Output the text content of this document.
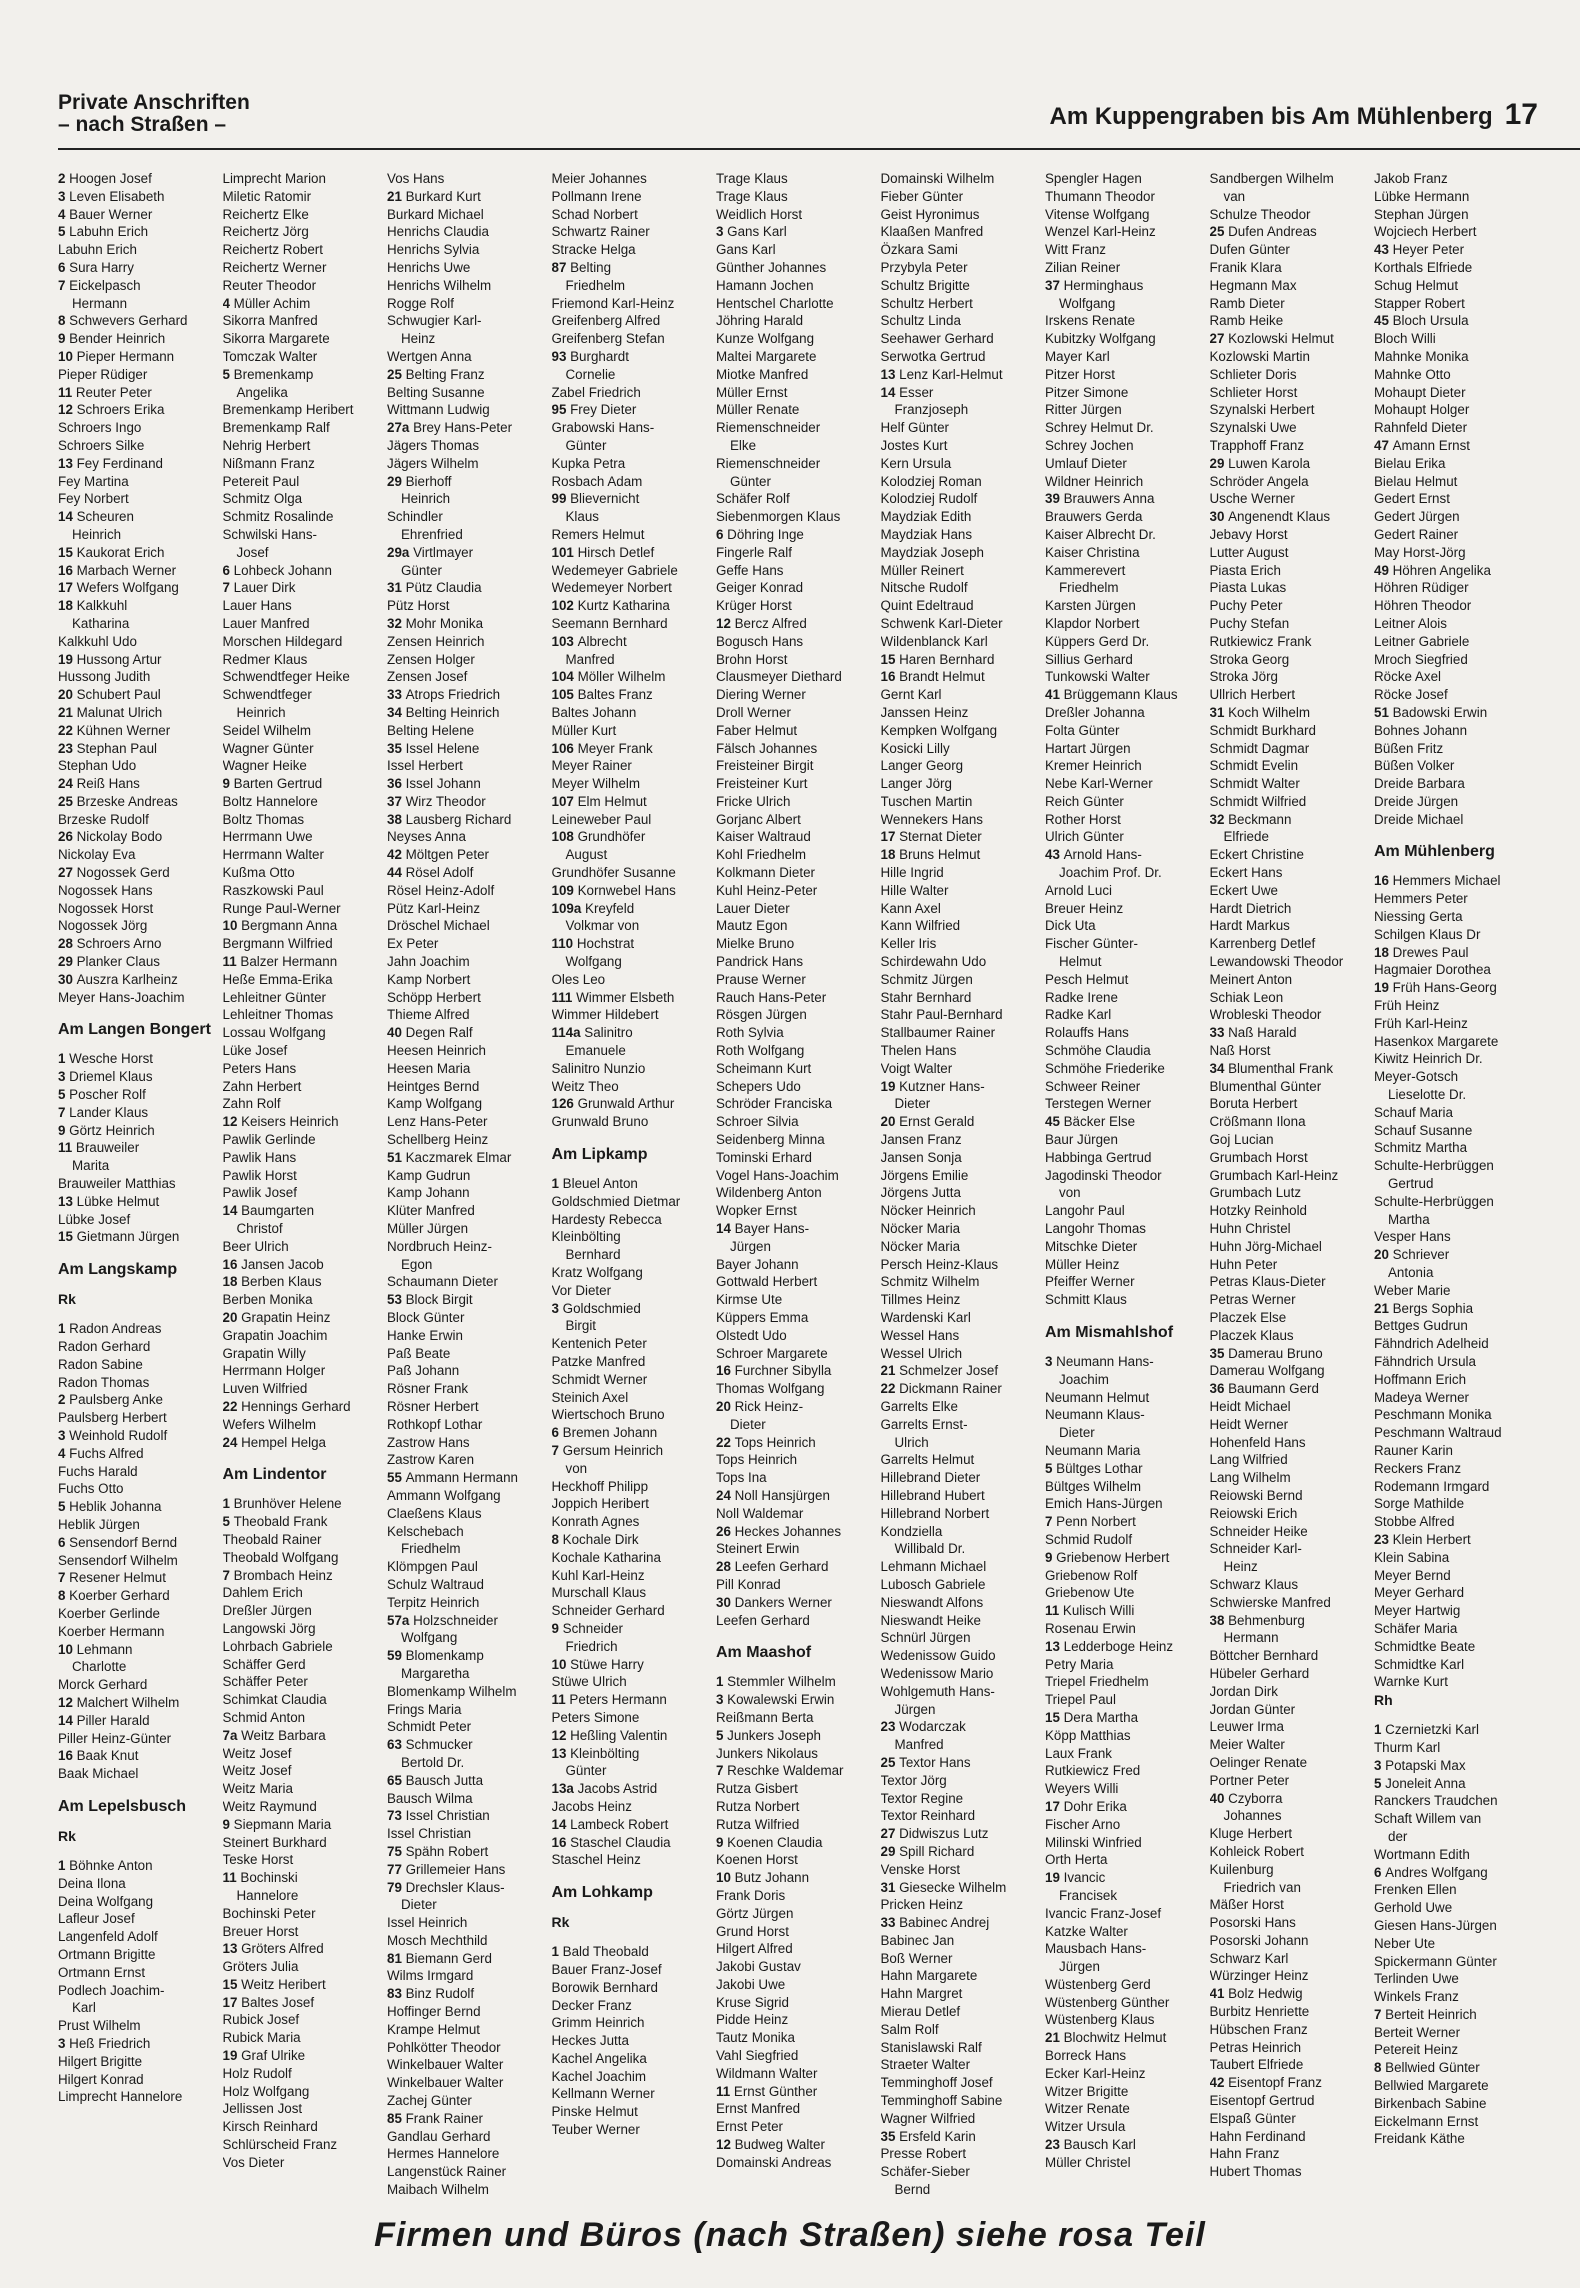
Private Anschriften
– nach Straßen –	Am Kuppengraben bis Am Mühlenberg 17
2 Hoogen Josef
3 Leven Elisabeth
4 Bauer Werner
5 Labuhn Erich
Labuhn Erich
6 Sura Harry
7 Eickelpasch
Hermann
8 Schwevers Gerhard
9 Bender Heinrich
10 Pieper Hermann
Pieper Rüdiger
11 Reuter Peter
12 Schroers Erika
Schroers Ingo
Schroers Silke
13 Fey Ferdinand
Fey Martina
Fey Norbert
14 Scheuren
Heinrich
15 Kaukorat Erich
16 Marbach Werner
17 Wefers Wolfgang
18 Kalkkuhl
Katharina
Kalkkuhl Udo
19 Hussong Artur
Hussong Judith
20 Schubert Paul
21 Malunat Ulrich
22 Kühnen Werner
23 Stephan Paul
Stephan Udo
24 Reiß Hans
25 Brzeske Andreas
Brzeske Rudolf
26 Nickolay Bodo
Nickolay Eva
27 Nogossek Gerd
Nogossek Hans
Nogossek Horst
Nogossek Jörg
28 Schroers Arno
29 Planker Claus
30 Auszra Karlheinz
Meyer Hans-Joachim
Am Langen Bongert
1 Wesche Horst
3 Driemel Klaus
5 Poscher Rolf
7 Lander Klaus
9 Görtz Heinrich
11 Brauweiler
Marita
Brauweiler Matthias
13 Lübke Helmut
Lübke Josef
15 Gietmann Jürgen
Am Langskamp
Rk
1 Radon Andreas
Radon Gerhard
Radon Sabine
Radon Thomas
2 Paulsberg Anke
Paulsberg Herbert
3 Weinhold Rudolf
4 Fuchs Alfred
Fuchs Harald
Fuchs Otto
5 Heblik Johanna
Heblik Jürgen
6 Sensendorf Bernd
Sensendorf Wilhelm
7 Resener Helmut
8 Koerber Gerhard
Koerber Gerlinde
Koerber Hermann
10 Lehmann
Charlotte
Morck Gerhard
12 Malchert Wilhelm
14 Piller Harald
Piller Heinz-Günter
16 Baak Knut
Baak Michael
Am Lepelsbusch
Rk
1 Böhnke Anton
Deina Ilona
Deina Wolfgang
Lafleur Josef
Langenfeld Adolf
Ortmann Brigitte
Ortmann Ernst
Podlech Joachim-
Karl
Prust Wilhelm
3 Heß Friedrich
Hilgert Brigitte
Hilgert Konrad
Limprecht Hannelore
Limprecht Marion
Miletic Ratomir
Reichertz Elke
Reichertz Jörg
Reichertz Robert
Reichertz Werner
Reuter Theodor
4 Müller Achim
Sikorra Manfred
Sikorra Margarete
Tomczak Walter
5 Bremenkamp
Angelika
Bremenkamp Heribert
Bremenkamp Ralf
Nehrig Herbert
Nißmann Franz
Petereit Paul
Schmitz Olga
Schmitz Rosalinde
Schwilski Hans-
Josef
6 Lohbeck Johann
7 Lauer Dirk
Lauer Hans
Lauer Manfred
Morschen Hildegard
Redmer Klaus
Schwendtfeger Heike
Schwendtfeger
Heinrich
Seidel Wilhelm
Wagner Günter
Wagner Heike
9 Barten Gertrud
Boltz Hannelore
Boltz Thomas
Herrmann Uwe
Herrmann Walter
Kußma Otto
Raszkowski Paul
Runge Paul-Werner
10 Bergmann Anna
Bergmann Wilfried
11 Balzer Hermann
Heße Emma-Erika
Lehleitner Günter
Lehleitner Thomas
Lossau Wolfgang
Lüke Josef
Peters Hans
Zahn Herbert
Zahn Rolf
12 Keisers Heinrich
Pawlik Gerlinde
Pawlik Hans
Pawlik Horst
Pawlik Josef
14 Baumgarten
Christof
Beer Ulrich
16 Jansen Jacob
18 Berben Klaus
Berben Monika
20 Grapatin Heinz
Grapatin Joachim
Grapatin Willy
Herrmann Holger
Luven Wilfried
22 Hennings Gerhard
Wefers Wilhelm
24 Hempel Helga
Am Lindentor
1 Brunhöver Helene
5 Theobald Frank
Theobald Rainer
Theobald Wolfgang
7 Brombach Heinz
Dahlem Erich
Dreßler Jürgen
Langowski Jörg
Lohrbach Gabriele
Schäffer Gerd
Schäffer Peter
Schimkat Claudia
Schmid Anton
7a Weitz Barbara
Weitz Josef
Weitz Josef
Weitz Maria
Weitz Raymund
9 Siepmann Maria
Steinert Burkhard
Teske Horst
11 Bochinski
Hannelore
Bochinski Peter
Breuer Horst
13 Gröters Alfred
Gröters Julia
15 Weitz Heribert
17 Baltes Josef
Rubick Josef
Rubick Maria
19 Graf Ulrike
Holz Rudolf
Holz Wolfgang
Jellissen Jost
Kirsch Reinhard
Schlürscheid Franz
Vos Dieter
Vos Hans
21 Burkard Kurt
Burkard Michael
Henrichs Claudia
Henrichs Sylvia
Henrichs Uwe
Henrichs Wilhelm
Rogge Rolf
Schwugier Karl-
Heinz
Wertgen Anna
25 Belting Franz
Belting Susanne
Wittmann Ludwig
27a Brey Hans-Peter
Jägers Thomas
Jägers Wilhelm
29 Bierhoff
Heinrich
Schindler
Ehrenfried
29a Virtlmayer
Günter
31 Pütz Claudia
Pütz Horst
32 Mohr Monika
Zensen Heinrich
Zensen Holger
Zensen Josef
33 Atrops Friedrich
34 Belting Heinrich
Belting Helene
35 Issel Helene
Issel Herbert
36 Issel Johann
37 Wirz Theodor
38 Lausberg Richard
Neyses Anna
42 Möltgen Peter
44 Rösel Adolf
Rösel Heinz-Adolf
Pütz Karl-Heinz
Dröschel Michael
Ex Peter
Jahn Joachim
Kamp Norbert
Schöpp Herbert
Thieme Alfred
40 Degen Ralf
Heesen Heinrich
Heesen Maria
Heintges Bernd
Kamp Wolfgang
Lenz Hans-Peter
Schellberg Heinz
51 Kaczmarek Elmar
Kamp Gudrun
Kamp Johann
Klüter Manfred
Müller Jürgen
Nordbruch Heinz-
Egon
Schaumann Dieter
53 Block Birgit
Block Günter
Hanke Erwin
Paß Beate
Paß Johann
Rösner Frank
Rösner Herbert
Rothkopf Lothar
Zastrow Hans
Zastrow Karen
55 Ammann Hermann
Ammann Wolfgang
Claeßens Klaus
Kelschebach
Friedhelm
Klömpgen Paul
Schulz Waltraud
Terpitz Heinrich
57a Holzschneider
Wolfgang
59 Blomenkamp
Margaretha
Blomenkamp Wilhelm
Frings Maria
Schmidt Peter
63 Schmucker
Bertold Dr.
65 Bausch Jutta
Bausch Wilma
73 Issel Christian
Issel Christian
75 Spähn Robert
77 Grillemeier Hans
79 Drechsler Klaus-
Dieter
Issel Heinrich
Mosch Mechthild
81 Biemann Gerd
Wilms Irmgard
83 Binz Rudolf
Hoffinger Bernd
Krampe Helmut
Pohlkötter Theodor
Winkelbauer Walter
Winkelbauer Walter
Zachej Günter
85 Frank Rainer
Gandlau Gerhard
Hermes Hannelore
Langenstück Rainer
Maibach Wilhelm
Meier Johannes
Pollmann Irene
Schad Norbert
Schwartz Rainer
Stracke Helga
87 Belting
Friedhelm
Friemond Karl-Heinz
Greifenberg Alfred
Greifenberg Stefan
93 Burghardt
Cornelie
Zabel Friedrich
95 Frey Dieter
Grabowski Hans-
Günter
Kupka Petra
Rosbach Adam
99 Blievernicht
Klaus
Remers Helmut
101 Hirsch Detlef
Wedemeyer Gabriele
Wedemeyer Norbert
102 Kurtz Katharina
Seemann Bernhard
103 Albrecht
Manfred
104 Möller Wilhelm
105 Baltes Franz
Baltes Johann
Müller Kurt
106 Meyer Frank
Meyer Rainer
Meyer Wilhelm
107 Elm Helmut
Leineweber Paul
108 Grundhöfer
August
Grundhöfer Susanne
109 Kornwebel Hans
109a Kreyfeld
Volkmar von
110 Hochstrat
Wolfgang
Oles Leo
111 Wimmer Elsbeth
Wimmer Hildebert
114a Salinitro
Emanuele
Salinitro Nunzio
Weitz Theo
126 Grunwald Arthur
Grunwald Bruno
Am Lipkamp
1 Bleuel Anton
Goldschmied Dietmar
Hardesty Rebecca
Kleinbölting
Bernhard
Kratz Wolfgang
Vor Dieter
3 Goldschmied
Birgit
Kentenich Peter
Patzke Manfred
Schmidt Werner
Steinich Axel
Wiertschoch Bruno
6 Bremen Johann
7 Gersum Heinrich
von
Heckhoff Philipp
Joppich Heribert
Konrath Agnes
8 Kochale Dirk
Kochale Katharina
Kuhl Karl-Heinz
Murschall Klaus
Schneider Gerhard
9 Schneider
Friedrich
10 Stüwe Harry
Stüwe Ulrich
11 Peters Hermann
Peters Simone
12 Heßling Valentin
13 Kleinbölting
Günter
13a Jacobs Astrid
Jacobs Heinz
14 Lambeck Robert
16 Staschel Claudia
Staschel Heinz
Am Lohkamp
Rk
1 Bald Theobald
Bauer Franz-Josef
Borowik Bernhard
Decker Franz
Grimm Heinrich
Heckes Jutta
Kachel Angelika
Kachel Joachim
Kellmann Werner
Pinske Helmut
Teuber Werner
Trage Klaus
Trage Klaus
Weidlich Horst
3 Gans Karl
Gans Karl
Günther Johannes
Hamann Jochen
Hentschel Charlotte
Jöhring Harald
Kunze Wolfgang
Maltei Margarete
Miotke Manfred
Müller Ernst
Müller Renate
Riemenschneider
Elke
Riemenschneider
Günter
Schäfer Rolf
Siebenmorgen Klaus
6 Döhring Inge
Fingerle Ralf
Geffe Hans
Geiger Konrad
Krüger Horst
12 Bercz Alfred
Bogusch Hans
Brohn Horst
Clausmeyer Diethard
Diering Werner
Droll Werner
Faber Helmut
Fälsch Johannes
Freisteiner Birgit
Freisteiner Kurt
Fricke Ulrich
Gorjanc Albert
Kaiser Waltraud
Kohl Friedhelm
Kolkmann Dieter
Kuhl Heinz-Peter
Lauer Dieter
Mautz Egon
Mielke Bruno
Pandrick Hans
Prause Werner
Rauch Hans-Peter
Rösgen Jürgen
Roth Sylvia
Roth Wolfgang
Scheimann Kurt
Schepers Udo
Schröder Franciska
Schroer Silvia
Seidenberg Minna
Tominski Erhard
Vogel Hans-Joachim
Wildenberg Anton
Wopker Ernst
14 Bayer Hans-
Jürgen
Bayer Johann
Gottwald Herbert
Kirmse Ute
Küppers Emma
Olstedt Udo
Schroer Margarete
16 Furchner Sibylla
Thomas Wolfgang
20 Rick Heinz-
Dieter
22 Tops Heinrich
Tops Heinrich
Tops Ina
24 Noll Hansjürgen
Noll Waldemar
26 Heckes Johannes
Steinert Erwin
28 Leefen Gerhard
Pill Konrad
30 Dankers Werner
Leefen Gerhard
Am Maashof
1 Stemmler Wilhelm
3 Kowalewski Erwin
Reißmann Berta
5 Junkers Joseph
Junkers Nikolaus
7 Reschke Waldemar
Rutza Gisbert
Rutza Norbert
Rutza Wilfried
9 Koenen Claudia
Koenen Horst
10 Butz Johann
Frank Doris
Görtz Jürgen
Grund Horst
Hilgert Alfred
Jakobi Gustav
Jakobi Uwe
Kruse Sigrid
Pidde Heinz
Tautz Monika
Vahl Siegfried
Wildmann Walter
11 Ernst Günther
Ernst Manfred
Ernst Peter
12 Budweg Walter
Domainski Andreas
Domainski Wilhelm
Fieber Günter
Geist Hyronimus
Klaaßen Manfred
Özkara Sami
Przybyla Peter
Schultz Brigitte
Schultz Herbert
Schultz Linda
Seehawer Gerhard
Serwotka Gertrud
13 Lenz Karl-Helmut
14 Esser
Franzjoseph
Helf Günter
Jostes Kurt
Kern Ursula
Kolodziej Roman
Kolodziej Rudolf
Maydziak Edith
Maydziak Hans
Maydziak Joseph
Müller Reinert
Nitsche Rudolf
Quint Edeltraud
Schwenk Karl-Dieter
Wildenblanck Karl
15 Haren Bernhard
16 Brandt Helmut
Gernt Karl
Janssen Heinz
Kempken Wolfgang
Kosicki Lilly
Langer Georg
Langer Jörg
Tuschen Martin
Wennekers Hans
17 Sternat Dieter
18 Bruns Helmut
Hille Ingrid
Hille Walter
Kann Axel
Kann Wilfried
Keller Iris
Schirdewahn Udo
Schmitz Jürgen
Stahr Bernhard
Stahr Paul-Bernhard
Stallbaumer Rainer
Thelen Hans
Voigt Walter
19 Kutzner Hans-
Dieter
20 Ernst Gerald
Jansen Franz
Jansen Sonja
Jörgens Emilie
Jörgens Jutta
Nöcker Heinrich
Nöcker Maria
Nöcker Maria
Persch Heinz-Klaus
Schmitz Wilhelm
Tillmes Heinz
Wardenski Karl
Wessel Hans
Wessel Ulrich
21 Schmelzer Josef
22 Dickmann Rainer
Garrelts Elke
Garrelts Ernst-
Ulrich
Garrelts Helmut
Hillebrand Dieter
Hillebrand Hubert
Hillebrand Norbert
Kondziella
Willibald Dr.
Lehmann Michael
Lubosch Gabriele
Nieswandt Alfons
Nieswandt Heike
Schnürl Jürgen
Wedenissow Guido
Wedenissow Mario
Wohlgemuth Hans-
Jürgen
23 Wodarczak
Manfred
25 Textor Hans
Textor Jörg
Textor Regine
Textor Reinhard
27 Didwiszus Lutz
29 Spill Richard
Venske Horst
31 Giesecke Wilhelm
Pricken Heinz
33 Babinec Andrej
Babinec Jan
Boß Werner
Hahn Margarete
Hahn Margret
Mierau Detlef
Salm Rolf
Stanislawski Ralf
Straeter Walter
Temminghoff Josef
Temminghoff Sabine
Wagner Wilfried
35 Ersfeld Karin
Presse Robert
Schäfer-Sieber
Bernd
Spengler Hagen
Thumann Theodor
Vitense Wolfgang
Wenzel Karl-Heinz
Witt Franz
Zilian Reiner
37 Herminghaus
Wolfgang
Irskens Renate
Kubitzky Wolfgang
Mayer Karl
Pitzer Horst
Pitzer Simone
Ritter Jürgen
Schrey Helmut Dr.
Schrey Jochen
Umlauf Dieter
Wildner Heinrich
39 Brauwers Anna
Brauwers Gerda
Kaiser Albrecht Dr.
Kaiser Christina
Kammerevert
Friedhelm
Karsten Jürgen
Klapdor Norbert
Küppers Gerd Dr.
Sillius Gerhard
Tunkowski Walter
41 Brüggemann Klaus
Dreßler Johanna
Folta Günter
Hartart Jürgen
Kremer Heinrich
Nebe Karl-Werner
Reich Günter
Rother Horst
Ulrich Günter
43 Arnold Hans-
Joachim Prof. Dr.
Arnold Luci
Breuer Heinz
Dick Uta
Fischer Günter-
Helmut
Pesch Helmut
Radke Irene
Radke Karl
Rolauffs Hans
Schmöhe Claudia
Schmöhe Friederike
Schweer Reiner
Terstegen Werner
45 Bäcker Else
Baur Jürgen
Habbinga Gertrud
Jagodinski Theodor
von
Langohr Paul
Langohr Thomas
Mitschke Dieter
Müller Heinz
Pfeiffer Werner
Schmitt Klaus
Am Mismahlshof
3 Neumann Hans-
Joachim
Neumann Helmut
Neumann Klaus-
Dieter
Neumann Maria
5 Bültges Lothar
Bültges Wilhelm
Emich Hans-Jürgen
7 Penn Norbert
Schmid Rudolf
9 Griebenow Herbert
Griebenow Rolf
Griebenow Ute
11 Kulisch Willi
Rosenau Erwin
13 Ledderboge Heinz
Petry Maria
Triepel Friedhelm
Triepel Paul
15 Dera Martha
Köpp Matthias
Laux Frank
Rutkiewicz Fred
Weyers Willi
17 Dohr Erika
Fischer Arno
Milinski Winfried
Orth Herta
19 Ivancic
Francisek
Ivancic Franz-Josef
Katzke Walter
Mausbach Hans-
Jürgen
Wüstenberg Gerd
Wüstenberg Günther
Wüstenberg Klaus
21 Blochwitz Helmut
Borreck Hans
Ecker Karl-Heinz
Witzer Brigitte
Witzer Renate
Witzer Ursula
23 Bausch Karl
Müller Christel
Sandbergen Wilhelm
van
Schulze Theodor
25 Dufen Andreas
Dufen Günter
Franik Klara
Hegmann Max
Ramb Dieter
Ramb Heike
27 Kozlowski Helmut
Kozlowski Martin
Schlieter Doris
Schlieter Horst
Szynalski Herbert
Szynalski Uwe
Trapphoff Franz
29 Luwen Karola
Schröder Angela
Usche Werner
30 Angenendt Klaus
Jebavy Horst
Lutter August
Piasta Erich
Piasta Lukas
Puchy Peter
Puchy Stefan
Rutkiewicz Frank
Stroka Georg
Stroka Jörg
Ullrich Herbert
31 Koch Wilhelm
Schmidt Burkhard
Schmidt Dagmar
Schmidt Evelin
Schmidt Walter
Schmidt Wilfried
32 Beckmann
Elfriede
Eckert Christine
Eckert Hans
Eckert Uwe
Hardt Dietrich
Hardt Markus
Karrenberg Detlef
Lewandowski Theodor
Meinert Anton
Schiak Leon
Wrobleski Theodor
33 Naß Harald
Naß Horst
34 Blumenthal Frank
Blumenthal Günter
Boruta Herbert
Crößmann Ilona
Goj Lucian
Grumbach Horst
Grumbach Karl-Heinz
Grumbach Lutz
Hotzky Reinhold
Huhn Christel
Huhn Jörg-Michael
Huhn Peter
Petras Klaus-Dieter
Petras Werner
Placzek Else
Placzek Klaus
35 Damerau Bruno
Damerau Wolfgang
36 Baumann Gerd
Heidt Michael
Heidt Werner
Hohenfeld Hans
Lang Wilfried
Lang Wilhelm
Reiowski Bernd
Reiowski Erich
Schneider Heike
Schneider Karl-
Heinz
Schwarz Klaus
Schwierske Manfred
38 Behmenburg
Hermann
Böttcher Bernhard
Hübeler Gerhard
Jordan Dirk
Jordan Günter
Leuwer Irma
Meier Walter
Oelinger Renate
Portner Peter
40 Czyborra
Johannes
Kluge Herbert
Kohleick Robert
Kuilenburg
Friedrich van
Mäßer Horst
Posorski Hans
Posorski Johann
Schwarz Karl
Würzinger Heinz
41 Bolz Hedwig
Burbitz Henriette
Hübschen Franz
Petras Heinrich
Taubert Elfriede
42 Eisentopf Franz
Eisentopf Gertrud
Elspaß Günter
Hahn Ferdinand
Hahn Franz
Hubert Thomas
Jakob Franz
Lübke Hermann
Stephan Jürgen
Wojciech Herbert
43 Heyer Peter
Korthals Elfriede
Schug Helmut
Stapper Robert
45 Bloch Ursula
Bloch Willi
Mahnke Monika
Mahnke Otto
Mohaupt Dieter
Mohaupt Holger
Rahnfeld Dieter
47 Amann Ernst
Bielau Erika
Bielau Helmut
Gedert Ernst
Gedert Jürgen
Gedert Rainer
May Horst-Jörg
49 Höhren Angelika
Höhren Rüdiger
Höhren Theodor
Leitner Alois
Leitner Gabriele
Mroch Siegfried
Röcke Axel
Röcke Josef
51 Badowski Erwin
Bohnes Johann
Büßen Fritz
Büßen Volker
Dreide Barbara
Dreide Jürgen
Dreide Michael
Am Mühlenberg
16 Hemmers Michael
Hemmers Peter
Niessing Gerta
Schilgen Klaus Dr
18 Drewes Paul
Hagmaier Dorothea
19 Früh Hans-Georg
Früh Heinz
Früh Karl-Heinz
Hasenkox Margarete
Kiwitz Heinrich Dr.
Meyer-Gotsch
Lieselotte Dr.
Schauf Maria
Schauf Susanne
Schmitz Martha
Schulte-Herbrüggen
Gertrud
Schulte-Herbrüggen
Martha
Vesper Hans
20 Schriever
Antonia
Weber Marie
21 Bergs Sophia
Bettges Gudrun
Fähndrich Adelheid
Fähndrich Ursula
Hoffmann Erich
Madeya Werner
Peschmann Monika
Peschmann Waltraud
Rauner Karin
Reckers Franz
Rodemann Irmgard
Sorge Mathilde
Stobbe Alfred
23 Klein Herbert
Klein Sabina
Meyer Bernd
Meyer Gerhard
Meyer Hartwig
Schäfer Maria
Schmidtke Beate
Schmidtke Karl
Warnke Kurt
Rh
1 Czernietzki Karl
Thurm Karl
3 Potapski Max
5 Joneleit Anna
Ranckers Traudchen
Schaft Willem van
der
Wortmann Edith
6 Andres Wolfgang
Frenken Ellen
Gerhold Uwe
Giesen Hans-Jürgen
Neber Ute
Spickermann Günter
Terlinden Uwe
Winkels Franz
7 Berteit Heinrich
Berteit Werner
Petereit Heinz
8 Bellwied Günter
Bellwied Margarete
Birkenbach Sabine
Eickelmann Ernst
Freidank Käthe
Firmen und Büros (nach Straßen) siehe rosa Teil
